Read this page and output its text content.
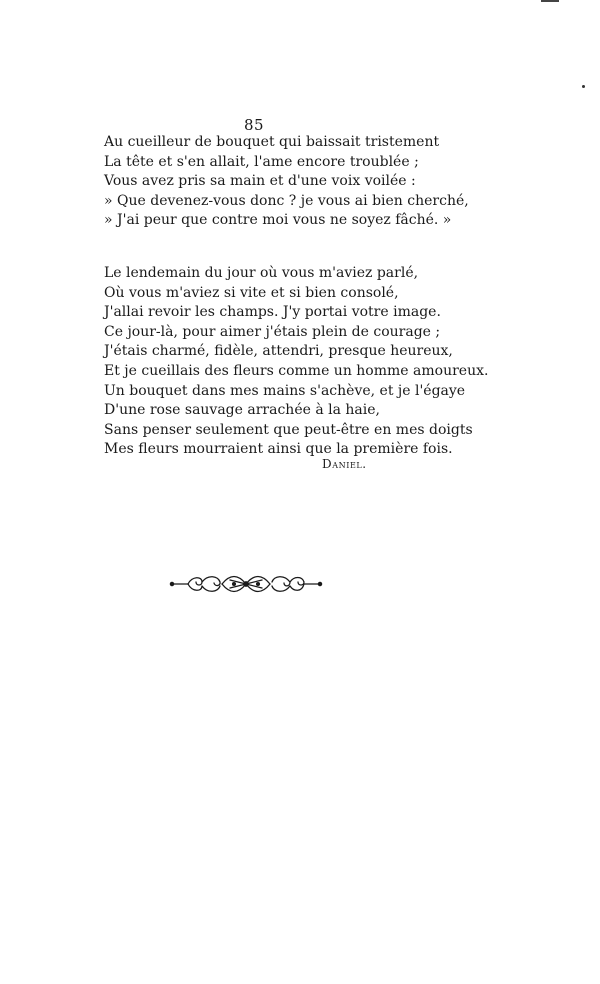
85

Au cueilleur de bouquet qui baissait tristement
La tête et s'en allait, l'ame encore troublée ;
Vous avez pris sa main et d'une voix voilée :
» Que devenez-vous donc ? je vous ai bien cherché,
» J'ai peur que contre moi vous ne soyez fâché. »

Le lendemain du jour où vous m'aviez parlé,
Où vous m'aviez si vite et si bien consolé,
J'allai revoir les champs. J'y portai votre image.
Ce jour-là, pour aimer j'étais plein de courage ;
J'étais charmé, fidèle, attendri, presque heureux,
Et je cueillais des fleurs comme un homme amoureux.
Un bouquet dans mes mains s'achève, et je l'égaye
D'une rose sauvage arrachée à la haie,
Sans penser seulement que peut-être en mes doigts
Mes fleurs mourraient ainsi que la première fois.

Daniel.
